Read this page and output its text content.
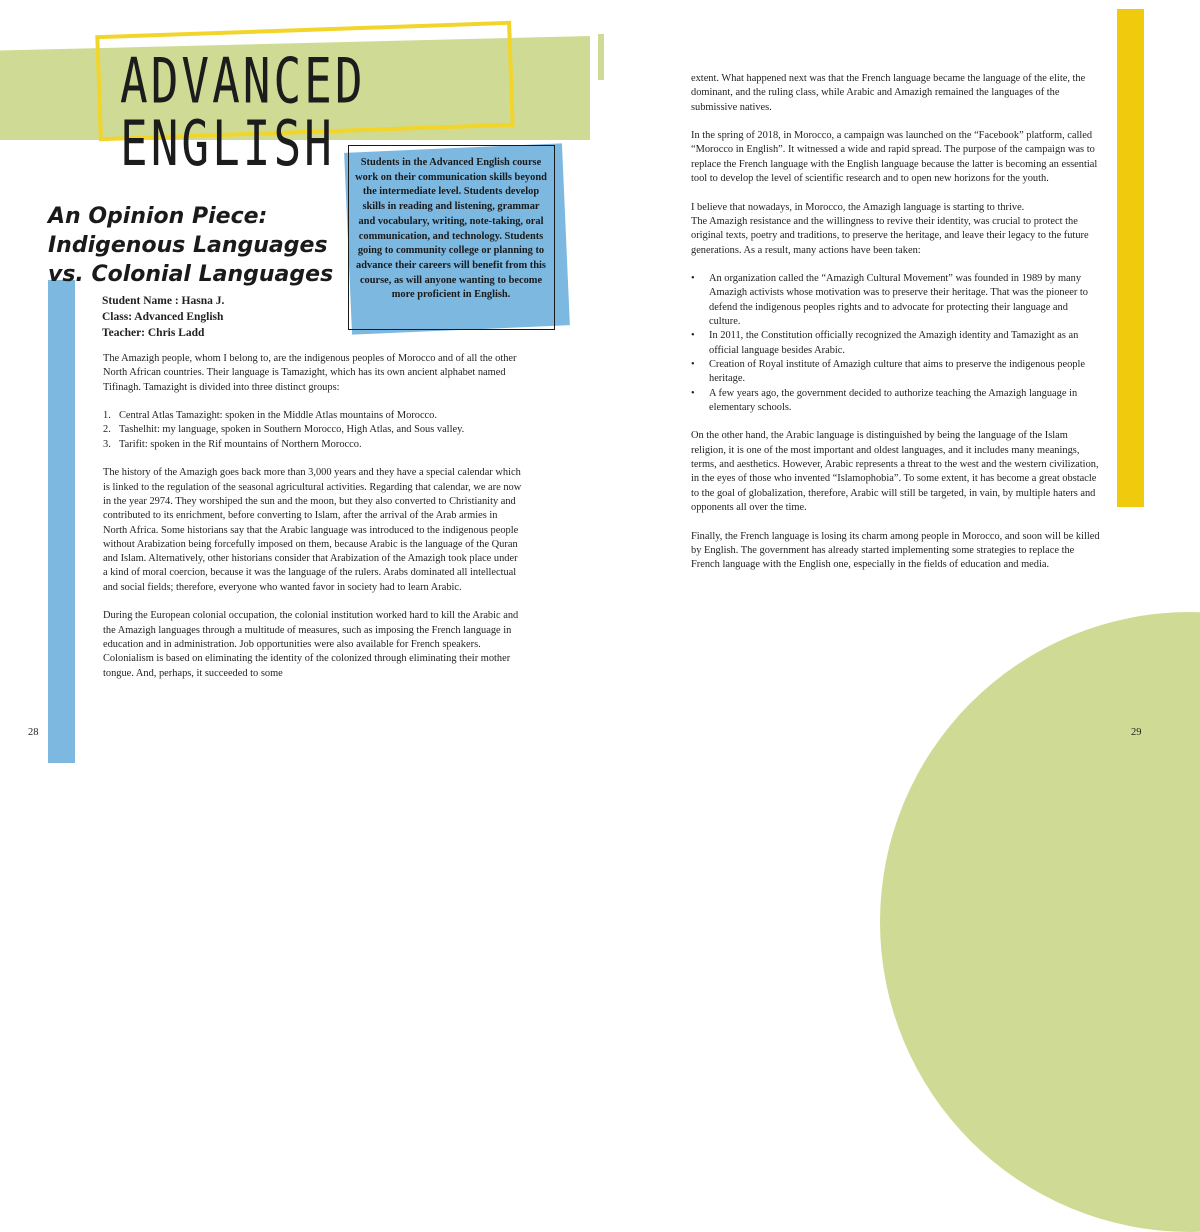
ADVANCED ENGLISH
An Opinion Piece:
Indigenous Languages
vs. Colonial Languages
Students in the Advanced English course work on their communication skills beyond the intermediate level. Students develop skills in reading and listening, grammar and vocabulary, writing, note-taking, oral communication, and technology. Students going to community college or planning to advance their careers will benefit from this course, as will anyone wanting to become more proficient in English.
Student Name : Hasna J.
Class: Advanced English
Teacher: Chris Ladd

The Amazigh people, whom I belong to, are the indigenous peoples of Morocco and of all the other North African countries. Their language is Tamazight, which has its own ancient alphabet named Tifinagh. Tamazight is divided into three distinct groups:

1. Central Atlas Tamazight: spoken in the Middle Atlas mountains of Morocco.
2. Tashelhit: my language, spoken in Southern Morocco, High Atlas, and Sous valley.
3. Tarifit: spoken in the Rif mountains of Northern Morocco.

The history of the Amazigh goes back more than 3,000 years and they have a special calendar which is linked to the regulation of the seasonal agricultural activities. Regarding that calendar, we are now in the year 2974. They worshiped the sun and the moon, but they also converted to Christianity and contributed to its enrichment, before converting to Islam, after the arrival of the Arab armies in North Africa. Some historians say that the Arabic language was introduced to the indigenous people without Arabization being forcefully imposed on them, because Arabic is the language of the Quran and Islam. Alternatively, other historians consider that Arabization of the Amazigh took place under a kind of moral coercion, because it was the language of the rulers. Arabs dominated all intellectual and social fields; therefore, everyone who wanted favor in society had to learn Arabic.

During the European colonial occupation, the colonial institution worked hard to kill the Arabic and the Amazigh languages through a multitude of measures, such as imposing the French language in education and in administration. Job opportunities were also available for French speakers. Colonialism is based on eliminating the identity of the colonized through eliminating their mother tongue. And, perhaps, it succeeded to some

extent. What happened next was that the French language became the language of the elite, the dominant, and the ruling class, while Arabic and Amazigh remained the languages of the submissive natives.

In the spring of 2018, in Morocco, a campaign was launched on the “Facebook” platform, called “Morocco in English”. It witnessed a wide and rapid spread. The purpose of the campaign was to replace the French language with the English language because the latter is becoming an essential tool to develop the level of scientific research and to open new horizons for the youth.

I believe that nowadays, in Morocco, the Amazigh language is starting to thrive.
The Amazigh resistance and the willingness to revive their identity, was crucial to protect the original texts, poetry and traditions, to preserve the heritage, and leave their legacy to the future generations. As a result, many actions have been taken:

• An organization called the “Amazigh Cultural Movement” was founded in 1989 by many Amazigh activists whose motivation was to preserve their heritage. That was the pioneer to defend the indigenous peoples rights and to advocate for protecting their language and culture.
• In 2011, the Constitution officially recognized the Amazigh identity and Tamazight as an official language besides Arabic.
• Creation of Royal institute of Amazigh culture that aims to preserve the indigenous people heritage.
• A few years ago, the government decided to authorize teaching the Amazigh language in elementary schools.

On the other hand, the Arabic language is distinguished by being the language of the Islam religion, it is one of the most important and oldest languages, and it includes many meanings, terms, and aesthetics. However, Arabic represents a threat to the west and the western civilization, in the eyes of those who invented “Islamophobia”. To some extent, it has become a great obstacle to the goal of globalization, therefore, Arabic will still be targeted, in vain, by multiple haters and opponents all over the time.

Finally, the French language is losing its charm among people in Morocco, and soon will be killed by English. The government has already started implementing some strategies to replace the French language with the English one, especially in the fields of education and media.

28	29
